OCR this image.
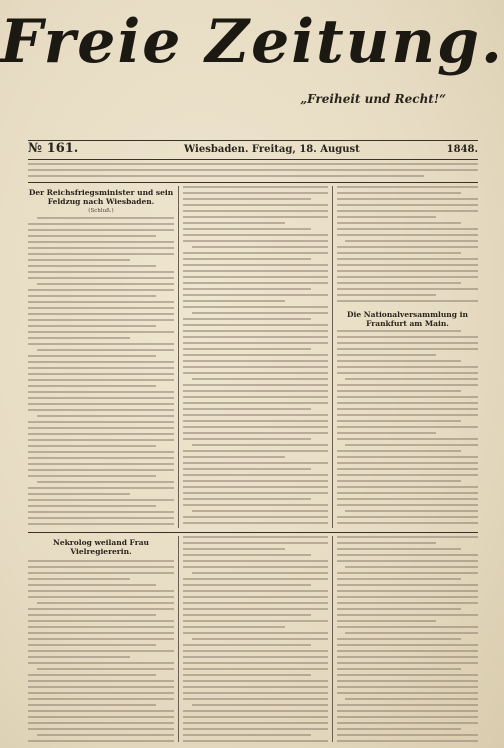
Freie Zeitung.
„Freiheit und Recht!“
№ 161.	Wiesbaden. Freitag, 18. August	1848.
Der Reichsfriegsminister und sein Feldzug nach Wiesbaden.
(Schluß.)
Die Nationalversammlung in Frankfurt am Main.
Nekrolog weiland Frau Vielregiererin.
